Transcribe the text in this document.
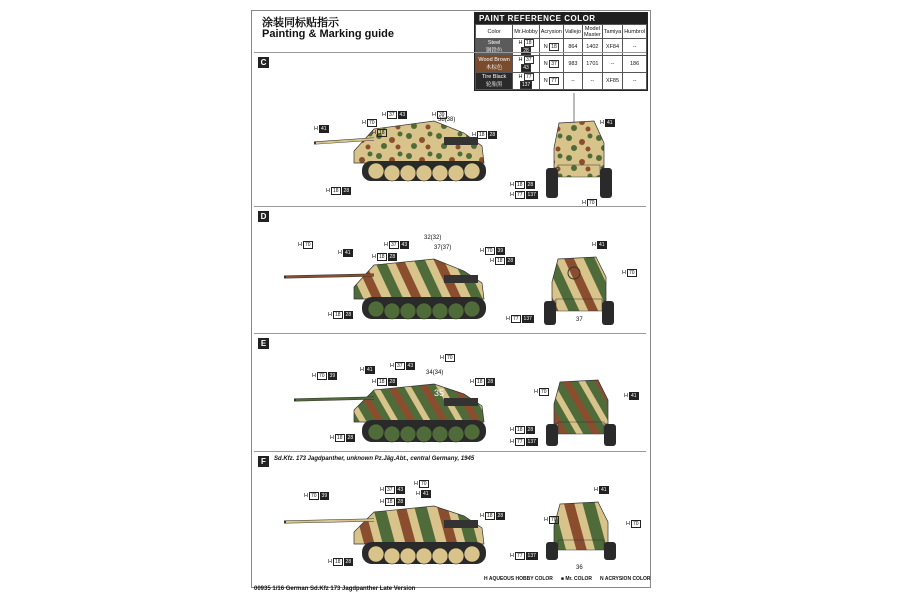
涂装同标贴指示
Painting & Marking guide
PAINT REFERENCE COLOR
Color	Mr.Hobby	Acrysion	Vallejo	Model Master	Tamiya	Humbrol
Steel
钢铁色	H 1828	N 18	864	1402	XF84	--
Wood Brown
木棕色	H 3743	N 37	983	1701	--	186
Tire Black
轮胎黑	H 77137	N 77	--	--	XF85	--
C
38(38)
H 41
H 70
H 37	43
H 18
H 39
H 18	28
H 18	28
H 41
H 18	28
H 77	137
H 70
D
32(32)
37(37)
37
H 70
H 41
H 37	43
H 18	28
H 70	39
H 18	28
H 18	28
H 77	137
H 41
H 70
E
35
34(34)
H 70	39
H 41
H 37	43
H 18	28
H 70
H 18	28
H 18	28
H 18	28
H 77	137
H 70
H 41
F	Sd.Kfz. 173 Jagdpanther, unknown Pz.Jäg.Abt., central Germany, 1945
36
H 70	39
H 37	43
H 18	28
H 70
H 41
H 18	28
H 18	28
H 77	137
H 70
H 41
H 70
H AQUEOUS HOBBY COLOR ■ Mr. COLOR N ACRYSION COLOR
00935 1/16 German Sd.Kfz 173 Jagdpanther Late Version
